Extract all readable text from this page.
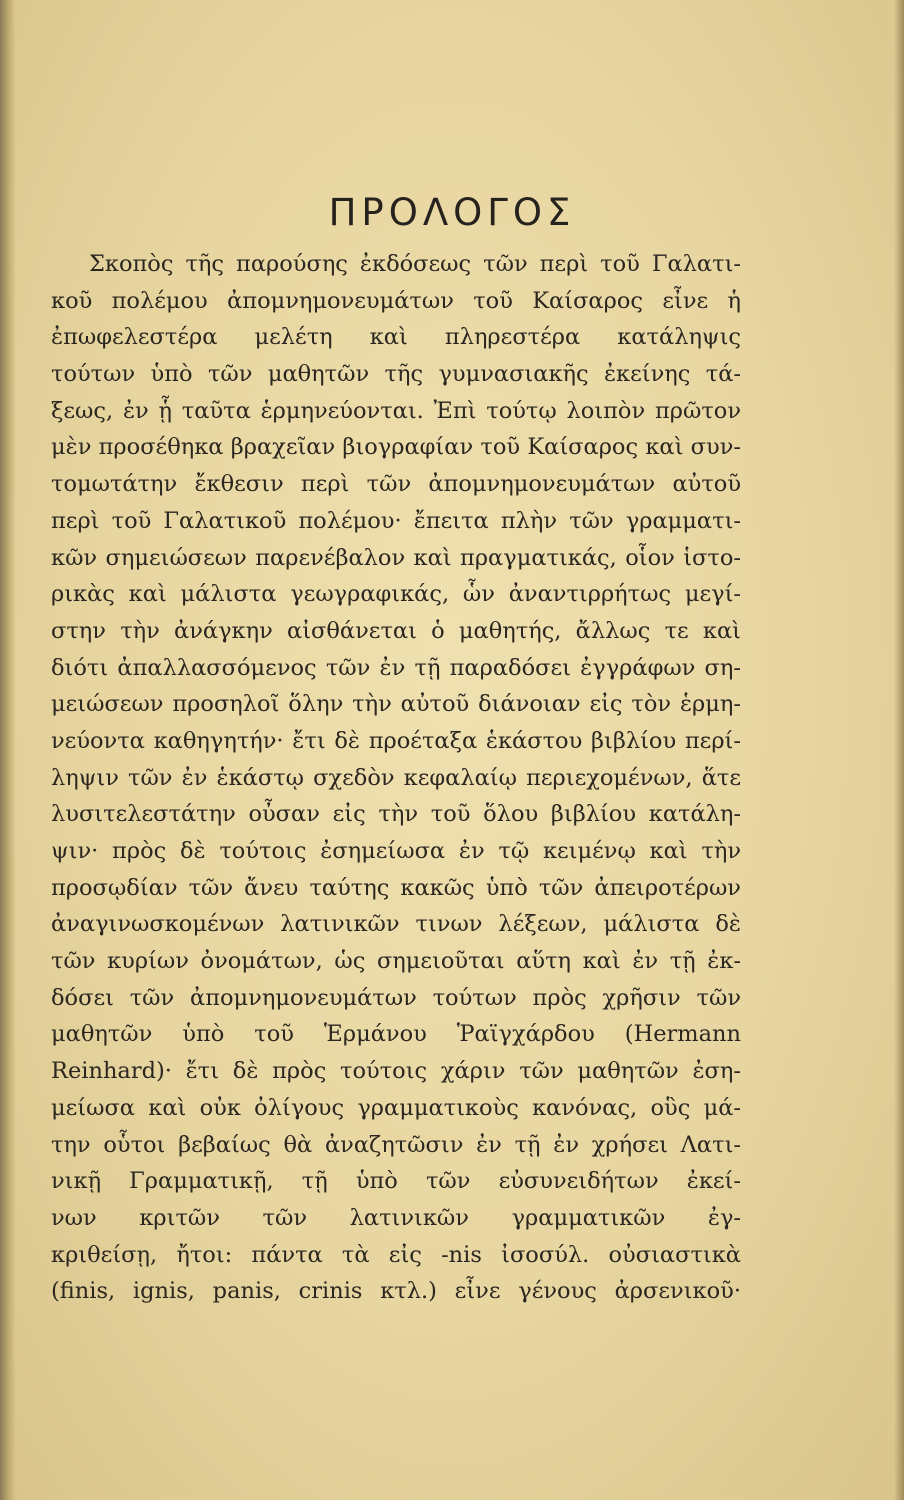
ΠΡΟΛΟΓΟΣ
Σκοπὸς τῆς παρούσης ἐκδόσεως τῶν περὶ τοῦ Γαλατι-
κοῦ πολέμου ἀπομνημονευμάτων τοῦ Καίσαρος εἶνε ἡ
ἐπωφελεστέρα μελέτη καὶ πληρεστέρα κατάληψις
τούτων ὑπὸ τῶν μαθητῶν τῆς γυμνασιακῆς ἐκείνης τά-
ξεως, ἐν ᾗ ταῦτα ἑρμηνεύονται. Ἐπὶ τούτῳ λοιπὸν πρῶτον
μὲν προσέθηκα βραχεῖαν βιογραφίαν τοῦ Καίσαρος καὶ συν-
τομωτάτην ἔκθεσιν περὶ τῶν ἀπομνημονευμάτων αὐτοῦ
περὶ τοῦ Γαλατικοῦ πολέμου· ἔπειτα πλὴν τῶν γραμματι-
κῶν σημειώσεων παρενέβαλον καὶ πραγματικάς, οἷον ἱστο-
ρικὰς καὶ μάλιστα γεωγραφικάς, ὧν ἀναντιρρήτως μεγί-
στην τὴν ἀνάγκην αἰσθάνεται ὁ μαθητής, ἄλλως τε καὶ
διότι ἀπαλλασσόμενος τῶν ἐν τῇ παραδόσει ἐγγράφων ση-
μειώσεων προσηλοῖ ὅλην τὴν αὐτοῦ διάνοιαν εἰς τὸν ἑρμη-
νεύοντα καθηγητήν· ἔτι δὲ προέταξα ἑκάστου βιβλίου περί-
ληψιν τῶν ἐν ἑκάστῳ σχεδὸν κεφαλαίῳ περιεχομένων, ἅτε
λυσιτελεστάτην οὖσαν εἰς τὴν τοῦ ὅλου βιβλίου κατάλη-
ψιν· πρὸς δὲ τούτοις ἐσημείωσα ἐν τῷ κειμένῳ καὶ τὴν
προσῳδίαν τῶν ἄνευ ταύτης κακῶς ὑπὸ τῶν ἀπειροτέρων
ἀναγινωσκομένων λατινικῶν τινων λέξεων, μάλιστα δὲ
τῶν κυρίων ὀνομάτων, ὡς σημειοῦται αὕτη καὶ ἐν τῇ ἐκ-
δόσει τῶν ἀπομνημονευμάτων τούτων πρὸς χρῆσιν τῶν
μαθητῶν ὑπὸ τοῦ Ἑρμάνου Ῥαϊγχάρδου (Hermann
Reinhard)· ἔτι δὲ πρὸς τούτοις χάριν τῶν μαθητῶν ἐση-
μείωσα καὶ οὐκ ὀλίγους γραμματικοὺς κανόνας, οὓς μά-
την οὗτοι βεβαίως θὰ ἀναζητῶσιν ἐν τῇ ἐν χρήσει Λατι-
νικῇ Γραμματικῇ, τῇ ὑπὸ τῶν εὐσυνειδήτων ἐκεί-
νων κριτῶν τῶν λατινικῶν γραμματικῶν ἐγ-
κριθείσῃ, ἤτοι: πάντα τὰ εἰς -nis ἰσοσύλ. οὐσιαστικὰ
(finis, ignis, panis, crinis κτλ.) εἶνε γένους ἀρσενικοῦ·
